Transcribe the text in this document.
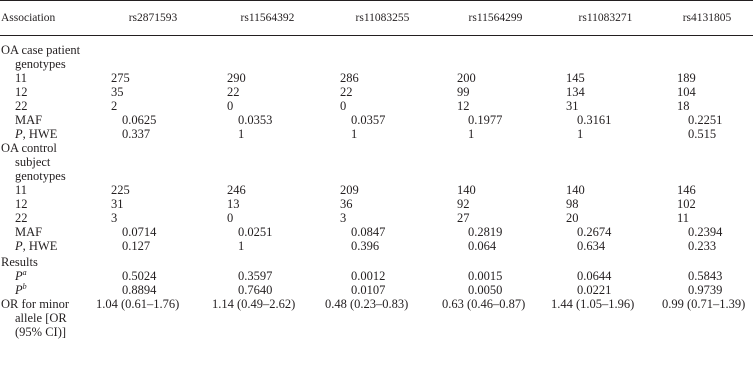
Association	rs2871593	rs11564392	rs11083255	rs11564299	rs11083271	rs4131805

OA case patient genotypes						

11	275	290	286	200	145	189
12	35	22	22	99	134	104
22	2	0	0	12	31	18
MAF	0.0625	0.0353	0.0357	0.1977	0.3161	0.2251
P, HWE	0.337	1	1	1	1	0.515

OA control subject genotypes						

11	225	246	209	140	140	146
12	31	13	36	92	98	102
22	3	0	3	27	20	11
MAF	0.0714	0.0251	0.0847	0.2819	0.2674	0.2394
P, HWE	0.127	1	0.396	0.064	0.634	0.233
Results						
$P^a$	0.5024	0.3597	0.0012	0.0015	0.0644	0.5843
$P^b$	0.8894	0.7640	0.0107	0.0050	0.0221	0.9739

OR for minor allele [OR (95% CI)]	1.04 (0.61–1.76)	1.14 (0.49–2.62)	0.48 (0.23–0.83)	0.63 (0.46–0.87)	1.44 (1.05–1.96)	0.99 (0.71–1.39)
